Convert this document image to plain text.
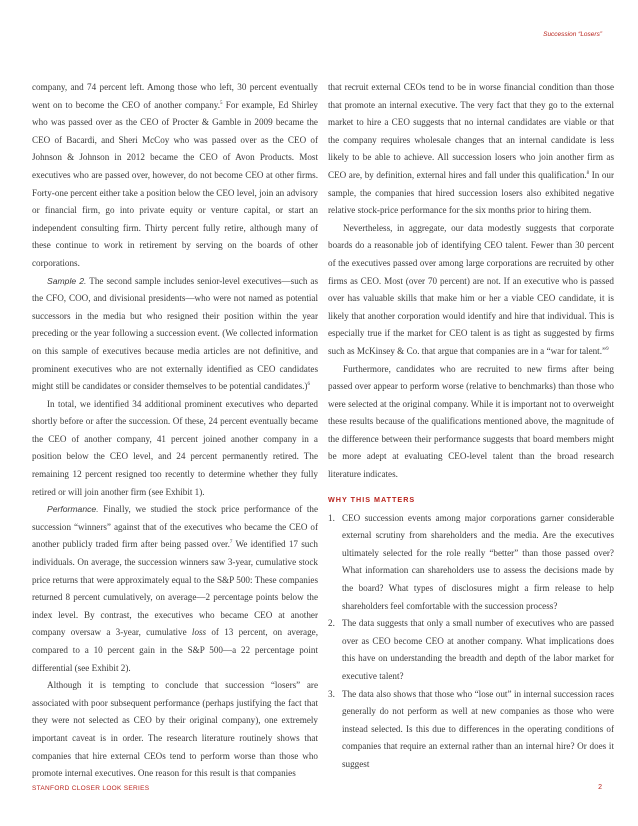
Succession “Losers”

company, and 74 percent left. Among those who left, 30 percent eventually went on to become the CEO of another company.$^5$ For example, Ed Shirley who was passed over as the CEO of Procter & Gamble in 2009 became the CEO of Bacardi, and Sheri McCoy who was passed over as the CEO of Johnson & Johnson in 2012 became the CEO of Avon Products. Most executives who are passed over, however, do not become CEO at other firms. Forty-one percent either take a position below the CEO level, join an advisory or financial firm, go into private equity or venture capital, or start an independent consulting firm. Thirty percent fully retire, although many of these continue to work in retirement by serving on the boards of other corporations.

Sample 2. The second sample includes senior-level executives—such as the CFO, COO, and divisional presidents—who were not named as potential successors in the media but who resigned their position within the year preceding or the year following a succession event. (We collected information on this sample of executives because media articles are not definitive, and prominent executives who are not externally identified as CEO candidates might still be candidates or consider themselves to be potential candidates.)$^6$

In total, we identified 34 additional prominent executives who departed shortly before or after the succession. Of these, 24 percent eventually became the CEO of another company, 41 percent joined another company in a position below the CEO level, and 24 percent permanently retired. The remaining 12 percent resigned too recently to determine whether they fully retired or will join another firm (see Exhibit 1).

Performance. Finally, we studied the stock price performance of the succession “winners” against that of the executives who became the CEO of another publicly traded firm after being passed over.$^7$ We identified 17 such individuals. On average, the succession winners saw 3-year, cumulative stock price returns that were approximately equal to the S&P 500: These companies returned 8 percent cumulatively, on average—2 percentage points below the index level. By contrast, the executives who became CEO at another company oversaw a 3-year, cumulative loss of 13 percent, on average, compared to a 10 percent gain in the S&P 500—a 22 percentage point differential (see Exhibit 2).

Although it is tempting to conclude that succession “losers” are associated with poor subsequent performance (perhaps justifying the fact that they were not selected as CEO by their original company), one extremely important caveat is in order. The research literature routinely shows that companies that hire external CEOs tend to perform worse than those who promote internal executives. One reason for this result is that companies

that recruit external CEOs tend to be in worse financial condition than those that promote an internal executive. The very fact that they go to the external market to hire a CEO suggests that no internal candidates are viable or that the company requires wholesale changes that an internal candidate is less likely to be able to achieve. All succession losers who join another firm as CEO are, by definition, external hires and fall under this qualification.$^8$ In our sample, the companies that hired succession losers also exhibited negative relative stock-price performance for the six months prior to hiring them.

Nevertheless, in aggregate, our data modestly suggests that corporate boards do a reasonable job of identifying CEO talent. Fewer than 30 percent of the executives passed over among large corporations are recruited by other firms as CEO. Most (over 70 percent) are not. If an executive who is passed over has valuable skills that make him or her a viable CEO candidate, it is likely that another corporation would identify and hire that individual. This is especially true if the market for CEO talent is as tight as suggested by firms such as McKinsey & Co. that argue that companies are in a “war for talent.”$^9$

Furthermore, candidates who are recruited to new firms after being passed over appear to perform worse (relative to benchmarks) than those who were selected at the original company. While it is important not to overweight these results because of the qualifications mentioned above, the magnitude of the difference between their performance suggests that board members might be more adept at evaluating CEO-level talent than the broad research literature indicates.

WHY THIS MATTERS
1. CEO succession events among major corporations garner considerable external scrutiny from shareholders and the media. Are the executives ultimately selected for the role really “better” than those passed over? What information can shareholders use to assess the decisions made by the board? What types of disclosures might a firm release to help shareholders feel comfortable with the succession process?
2. The data suggests that only a small number of executives who are passed over as CEO become CEO at another company. What implications does this have on understanding the breadth and depth of the labor market for executive talent?
3. The data also shows that those who “lose out” in internal succession races generally do not perform as well at new companies as those who were instead selected. Is this due to differences in the operating conditions of companies that require an external rather than an internal hire? Or does it suggest
STANFORD CLOSER LOOK SERIES	2
